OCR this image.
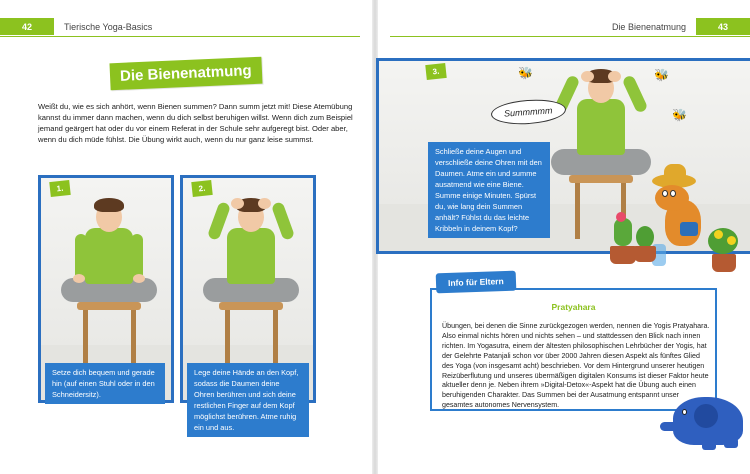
42	Tierische Yoga-Basics	Die Bienenatmung	43
Die Bienenatmung

Weißt du, wie es sich anhört, wenn Bienen summen? Dann summ jetzt mit! Diese Atemübung kannst du immer dann machen, wenn du dich selbst beruhigen willst. Wenn dich zum Beispiel jemand geärgert hat oder du vor einem Referat in der Schule sehr aufgeregt bist. Oder aber, wenn du dich müde fühlst. Die Übung wirkt auch, wenn du nur ganz leise summst.

1.
Setze dich bequem und gerade hin (auf einen Stuhl oder in den Schneidersitz).
2.
Lege deine Hände an den Kopf, sodass die Daumen deine Ohren berühren und sich deine restlichen Finger auf dem Kopf möglichst berühren. Atme ruhig ein und aus.
3.
Schließe deine Augen und verschließe deine Ohren mit den Daumen. Atme ein und summe ausatmend wie eine Biene. Summe einige Minuten. Spürst du, wie lang dein Summen anhält? Fühlst du das leichte Kribbeln in deinem Kopf?
Summmmm
🐝	🐝
🐝
Pratyahara

Übungen, bei denen die Sinne zurückgezogen werden, nennen die Yogis Pratyahara. Also einmal nichts hören und nichts sehen – und stattdessen den Blick nach innen richten. Im Yogasutra, einem der ältesten philosophischen Lehrbücher der Yogis, hat der Gelehrte Patanjali schon vor über 2000 Jahren diesen Aspekt als fünftes Glied des Yoga (von insgesamt acht) beschrieben. Vor dem Hintergrund unserer heutigen Reizüberflutung und unseres übermäßigen digitalen Konsums ist dieser Faktor heute aktueller denn je. Neben ihrem »Digital-Detox«-Aspekt hat die Übung auch einen beruhigenden Charakter. Das Summen bei der Ausatmung entspannt unser gesamtes autonomes Nervensystem.

Info für Eltern
